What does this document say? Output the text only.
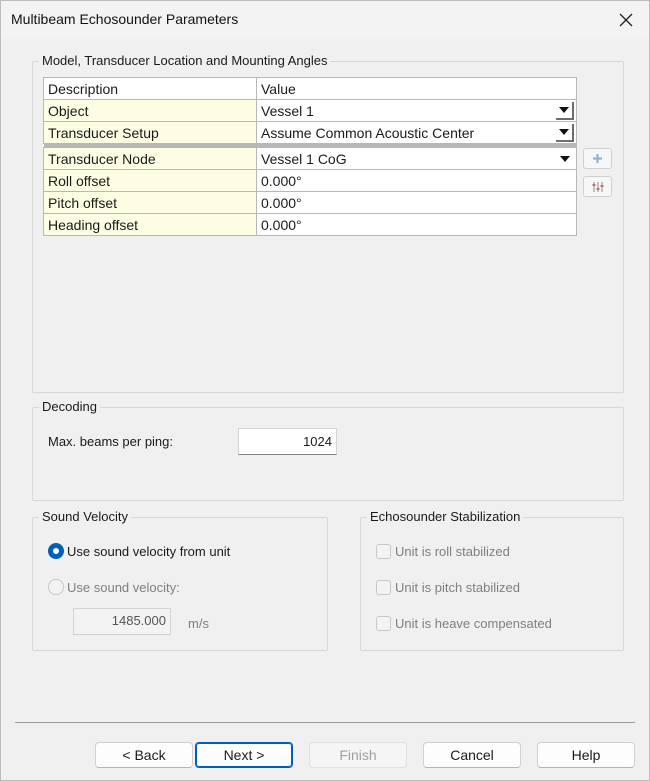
Multibeam Echosounder Parameters
Model, Transducer Location and Mounting Angles
Description	Value
Object	Vessel 1

Transducer Setup	Assume Common Acoustic Center

Transducer Node	Vessel 1 CoG

Roll offset	0.000°
Pitch offset	0.000°
Heading offset	0.000°
Decoding
Max. beams per ping:	1024
Sound Velocity
Use sound velocity from unit
Use sound velocity:
1485.000	m/s
Echosounder Stabilization
Unit is roll stabilized
Unit is pitch stabilized
Unit is heave compensated
< Back	Next >	Finish	Cancel	Help
